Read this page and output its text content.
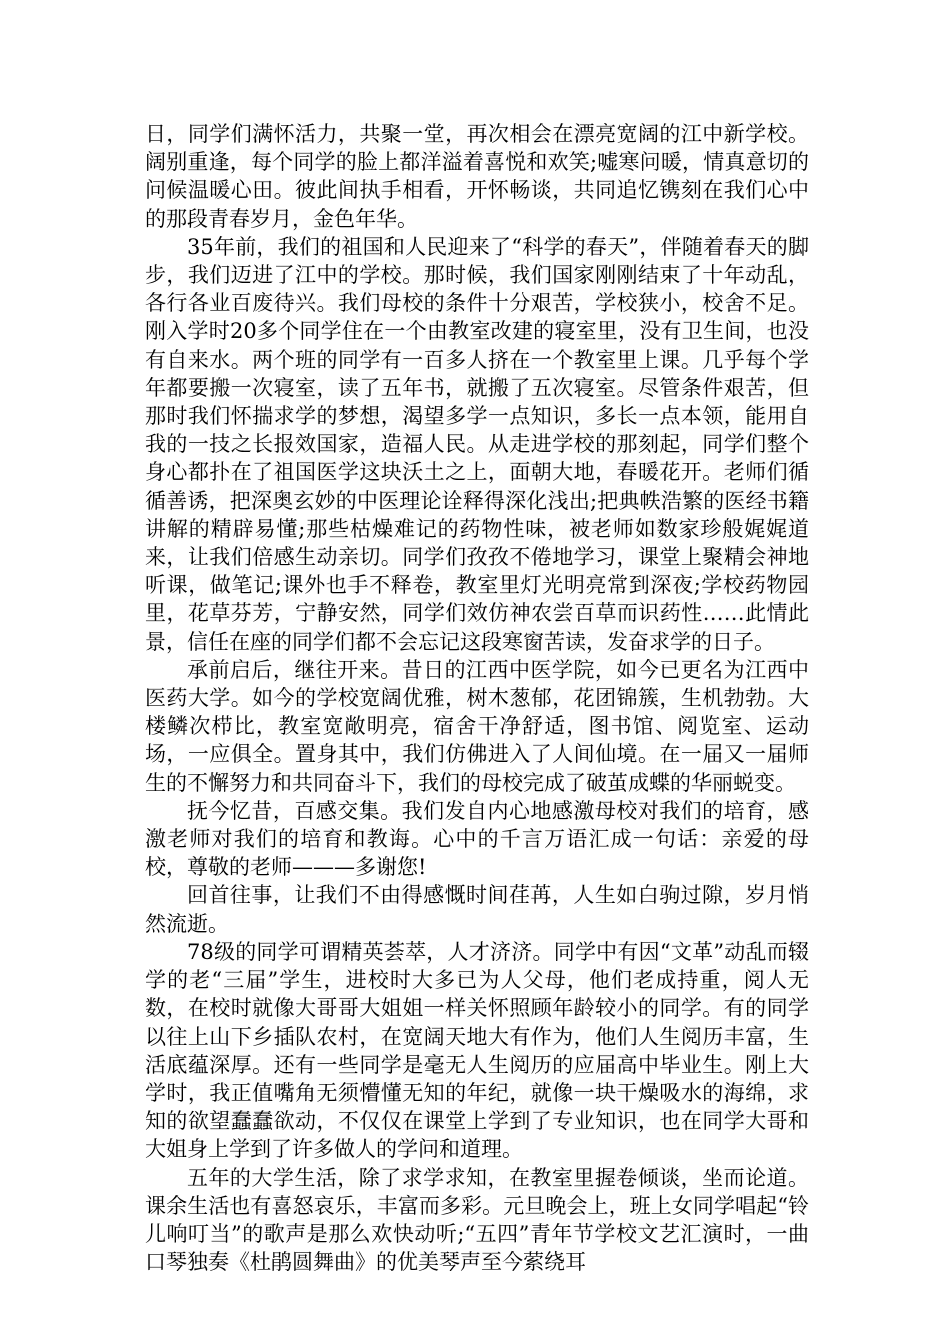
日，同学们满怀活力，共聚一堂，再次相会在漂亮宽阔的江中新学校。阔别重逢，每个同学的脸上都洋溢着喜悦和欢笑;嘘寒问暖，情真意切的问候温暖心田。彼此间执手相看，开怀畅谈，共同追忆镌刻在我们心中的那段青春岁月，金色年华。

35年前，我们的祖国和人民迎来了“科学的春天”，伴随着春天的脚步，我们迈进了江中的学校。那时候，我们国家刚刚结束了十年动乱，各行各业百废待兴。我们母校的条件十分艰苦，学校狭小，校舍不足。刚入学时20多个同学住在一个由教室改建的寝室里，没有卫生间，也没有自来水。两个班的同学有一百多人挤在一个教室里上课。几乎每个学年都要搬一次寝室，读了五年书，就搬了五次寝室。尽管条件艰苦，但那时我们怀揣求学的梦想，渴望多学一点知识，多长一点本领，能用自我的一技之长报效国家，造福人民。从走进学校的那刻起，同学们整个身心都扑在了祖国医学这块沃土之上，面朝大地，春暖花开。老师们循循善诱，把深奥玄妙的中医理论诠释得深化浅出;把典帙浩繁的医经书籍讲解的精辟易懂;那些枯燥难记的药物性味，被老师如数家珍般娓娓道来，让我们倍感生动亲切。同学们孜孜不倦地学习，课堂上聚精会神地听课，做笔记;课外也手不释卷，教室里灯光明亮常到深夜;学校药物园里，花草芬芳，宁静安然，同学们效仿神农尝百草而识药性……此情此景，信任在座的同学们都不会忘记这段寒窗苦读，发奋求学的日子。

承前启后，继往开来。昔日的江西中医学院，如今已更名为江西中医药大学。如今的学校宽阔优雅，树木葱郁，花团锦簇，生机勃勃。大楼鳞次栉比，教室宽敞明亮，宿舍干净舒适，图书馆、阅览室、运动场，一应俱全。置身其中，我们仿佛进入了人间仙境。在一届又一届师生的不懈努力和共同奋斗下，我们的母校完成了破茧成蝶的华丽蜕变。

抚今忆昔，百感交集。我们发自内心地感激母校对我们的培育，感激老师对我们的培育和教诲。心中的千言万语汇成一句话：亲爱的母校，尊敬的老师———多谢您!

回首往事，让我们不由得感慨时间荏苒，人生如白驹过隙，岁月悄然流逝。

78级的同学可谓精英荟萃，人才济济。同学中有因“文革”动乱而辍学的老“三届”学生，进校时大多已为人父母，他们老成持重，阅人无数，在校时就像大哥哥大姐姐一样关怀照顾年龄较小的同学。有的同学以往上山下乡插队农村，在宽阔天地大有作为，他们人生阅历丰富，生活底蕴深厚。还有一些同学是毫无人生阅历的应届高中毕业生。刚上大学时，我正值嘴角无须懵懂无知的年纪，就像一块干燥吸水的海绵，求知的欲望蠢蠢欲动，不仅仅在课堂上学到了专业知识，也在同学大哥和大姐身上学到了许多做人的学问和道理。

五年的大学生活，除了求学求知，在教室里握卷倾谈，坐而论道。课余生活也有喜怒哀乐，丰富而多彩。元旦晚会上，班上女同学唱起“铃儿响叮当”的歌声是那么欢快动听;“五四”青年节学校文艺汇演时，一曲口琴独奏《杜鹃圆舞曲》的优美琴声至今萦绕耳
